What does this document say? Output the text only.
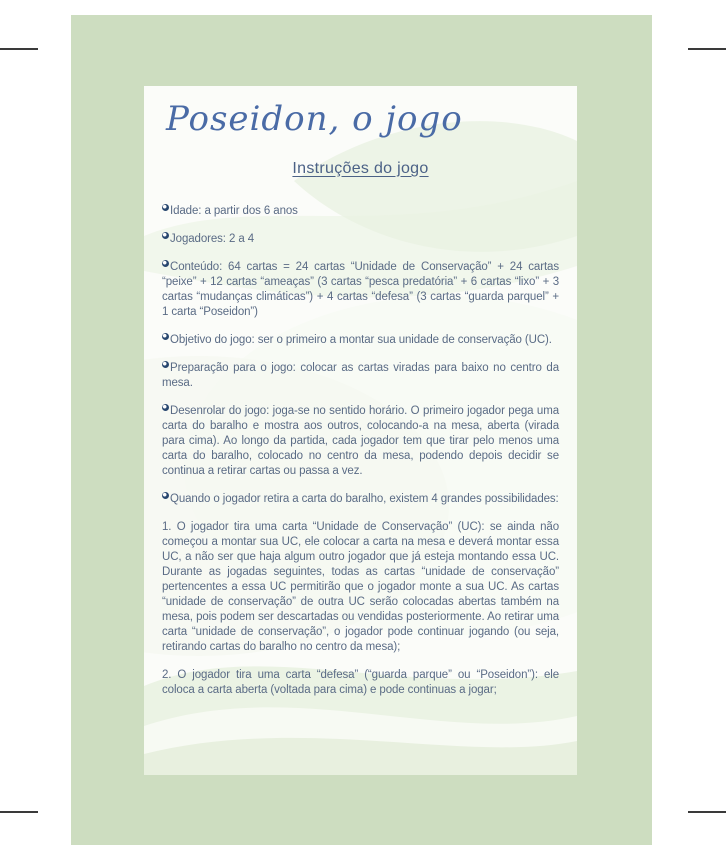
Poseidon, o jogo
Instruções do jogo

Idade: a partir dos 6 anos

Jogadores: 2 a 4

Conteúdo: 64 cartas = 24 cartas “Unidade de Conservação” + 24 cartas “peixe” + 12 cartas “ameaças” (3 cartas “pesca predatória” + 6 cartas “lixo” + 3 cartas “mudanças climáticas”) + 4 cartas “defesa” (3 cartas “guarda parquel” + 1 carta “Poseidon”)

Objetivo do jogo: ser o primeiro a montar sua unidade de conservação (UC).

Preparação para o jogo: colocar as cartas viradas para baixo no centro da mesa.

Desenrolar do jogo: joga-se no sentido horário. O primeiro jogador pega uma carta do baralho e mostra aos outros, colocando-a na mesa, aberta (virada para cima). Ao longo da partida, cada jogador tem que tirar pelo menos uma carta do baralho, colocado no centro da mesa, podendo depois decidir se continua a retirar cartas ou passa a vez.

Quando o jogador retira a carta do baralho, existem 4 grandes possibilidades:

1. O jogador tira uma carta “Unidade de Conservação” (UC): se ainda não começou a montar sua UC, ele colocar a carta na mesa e deverá montar essa UC, a não ser que haja algum outro jogador que já esteja montando essa UC. Durante as jogadas seguintes, todas as cartas “unidade de conservação” pertencentes a essa UC permitirão que o jogador monte a sua UC. As cartas “unidade de conservação” de outra UC serão colocadas abertas também na mesa, pois podem ser descartadas ou vendidas posteriormente. Ao retirar uma carta “unidade de conservação”, o jogador pode continuar jogando (ou seja, retirando cartas do baralho no centro da mesa);

2. O jogador tira uma carta “defesa” (“guarda parque” ou “Poseidon”): ele coloca a carta aberta (voltada para cima) e pode continuas a jogar;
